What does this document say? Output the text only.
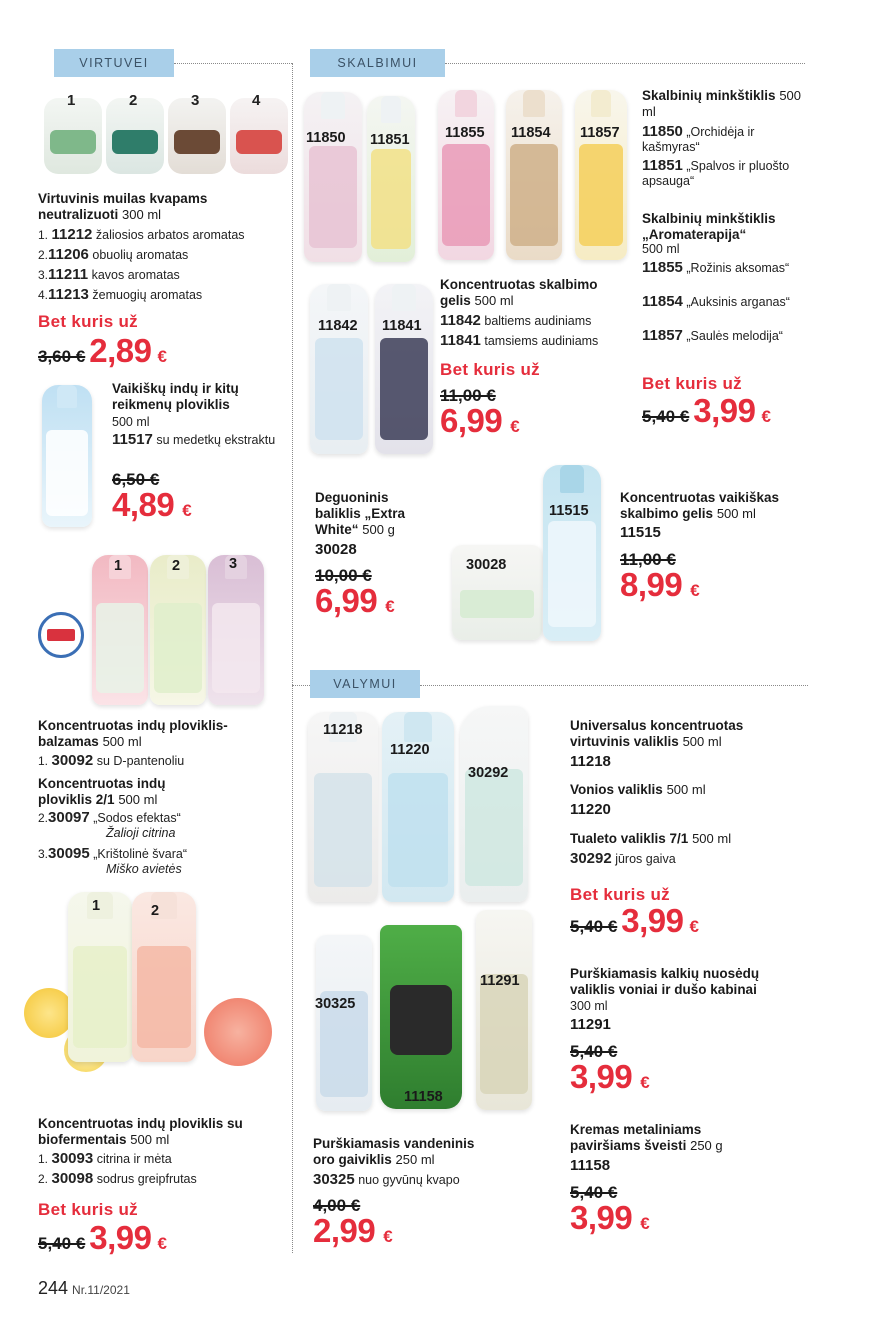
VIRTUVEI	SKALBIMUI
VALYMUI
1	2	3	4
Virtuvinis muilas kvapams neutralizuoti 300 ml
1. 11212 žaliosios arbatos aromatas
2.11206 obuolių aromatas
3.11211 kavos aromatas
4.11213 žemuogių aromatas
Bet kuris už
3,60 € 2,89 €
Vaikiškų indų ir kitų reikmenų ploviklis
500 ml
11517 su medetkų ekstraktu
6,50 €
4,89 €
1	2	3
Koncentruotas indų ploviklis-balzamas 500 ml
1. 30092 su D-pantenoliu
Koncentruotas indų ploviklis 2/1 500 ml
2.30097 „Sodos efektas“
Žalioji citrina
3.30095 „Krištolinė švara“
Miško avietės
1	2
Koncentruotas indų ploviklis su biofermentais 500 ml
1. 30093 citrina ir mėta
2. 30098 sodrus greipfrutas
Bet kuris už
5,40 € 3,99 €
11850 11851 11855 11854 11857
Skalbinių minkštiklis 500 ml
11850 „Orchidėja ir kašmyras“
11851 „Spalvos ir pluošto apsauga“
Skalbinių minkštiklis „Aromaterapija“
500 ml
11855 „Rožinis aksomas“
11854 „Auksinis arganas“
11857 „Saulės melodija“
Bet kuris už
5,40 € 3,99 €
11842 11841
Koncentruotas skalbimo gelis 500 ml
11842 baltiems audiniams
11841 tamsiems audiniams
Bet kuris už
11,00 €
6,99 €
Deguoninis baliklis „Extra White“ 500 g
30028
10,00 €
6,99 €
30028
11515
Koncentruotas vaikiškas skalbimo gelis 500 ml
11515
11,00 €
8,99 €
11218
11220
30292
Universalus koncentruotas virtuvinis valiklis 500 ml
11218
Vonios valiklis 500 ml
11220
Tualeto valiklis 7/1 500 ml
30292 jūros gaiva
Bet kuris už
5,40 € 3,99 €
30325
11158
11291	Purškiamasis kalkių nuosėdų valiklis voniai ir dušo kabinai
300 ml
11291
5,40 €
3,99 €
Purškiamasis vandeninis oro gaiviklis 250 ml
30325 nuo gyvūnų kvapo
4,00 €
2,99 €
Kremas metaliniams paviršiams šveisti 250 g
11158
5,40 €
3,99 €
244 Nr.11/2021
